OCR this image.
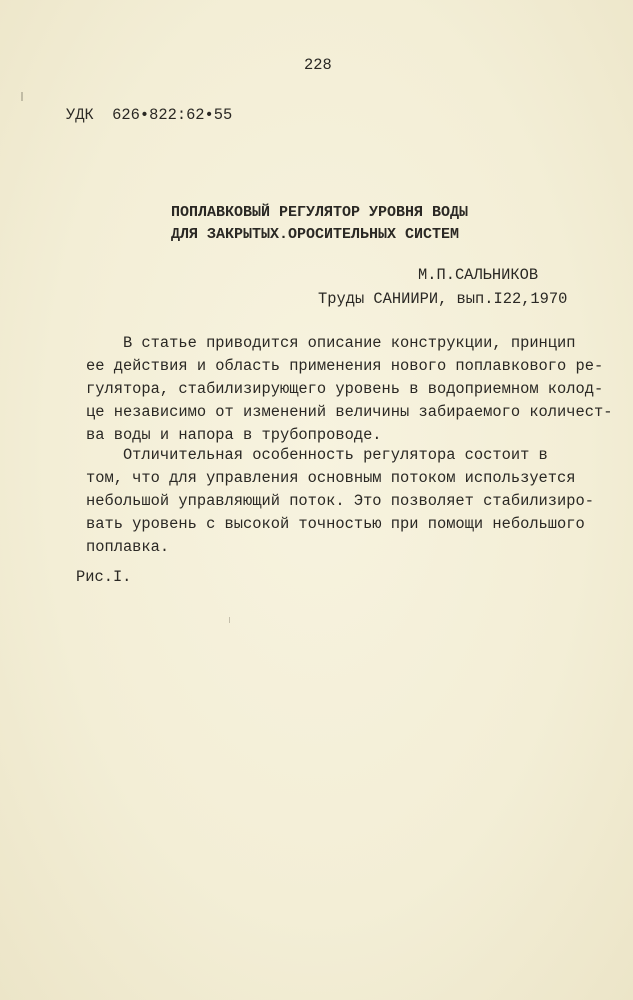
228
УДК  626•822:62•55
ПОПЛАВКОВЫЙ РЕГУЛЯТОР УРОВНЯ ВОДЫ
ДЛЯ ЗАКРЫТЫХ.ОРОСИТЕЛЬНЫХ СИСТЕМ
М.П.САЛЬНИКОВ
Труды САНИИРИ, вып.I22,1970
В статье приводится описание конструкции, принцип
ее действия и область применения нового поплавкового ре-
гулятора, стабилизирующего уровень в водоприемном колод-
це независимо от изменений величины забираемого количест-
ва воды и напора в трубопроводе.
Отличительная особенность регулятора состоит в
том, что для управления основным потоком используется
небольшой управляющий поток. Это позволяет стабилизиро-
вать уровень с высокой точностью при помощи небольшого
поплавка.
Рис.I.
